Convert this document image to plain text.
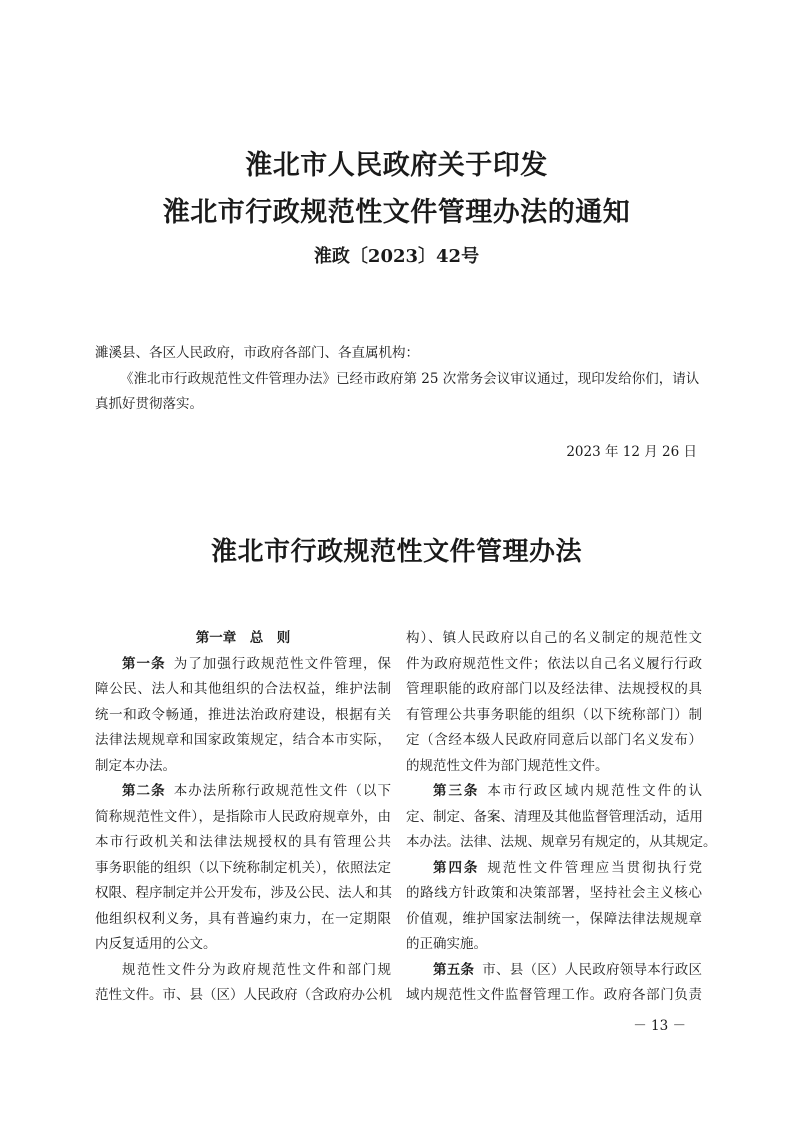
淮北市人民政府关于印发
淮北市行政规范性文件管理办法的通知
淮政〔2023〕42号
濉溪县、各区人民政府，市政府各部门、各直属机构：
《淮北市行政规范性文件管理办法》已经市政府第 25 次常务会议审议通过，现印发给你们，请认
真抓好贯彻落实。
2023 年 12 月 26 日
淮北市行政规范性文件管理办法
第一章　总　则
第一条 为了加强行政规范性文件管理，保
障公民、法人和其他组织的合法权益，维护法制
统一和政令畅通，推进法治政府建设，根据有关
法律法规规章和国家政策规定，结合本市实际，
制定本办法。
第二条 本办法所称行政规范性文件（以下
简称规范性文件），是指除市人民政府规章外，由
本市行政机关和法律法规授权的具有管理公共
事务职能的组织（以下统称制定机关），依照法定
权限、程序制定并公开发布，涉及公民、法人和其
他组织权利义务，具有普遍约束力，在一定期限
内反复适用的公文。
规范性文件分为政府规范性文件和部门规
范性文件。市、县（区）人民政府（含政府办公机
构）、镇人民政府以自己的名义制定的规范性文
件为政府规范性文件；依法以自己名义履行行政
管理职能的政府部门以及经法律、法规授权的具
有管理公共事务职能的组织（以下统称部门）制
定（含经本级人民政府同意后以部门名义发布）
的规范性文件为部门规范性文件。
第三条 本市行政区域内规范性文件的认
定、制定、备案、清理及其他监督管理活动，适用
本办法。法律、法规、规章另有规定的，从其规定。
第四条 规范性文件管理应当贯彻执行党
的路线方针政策和决策部署，坚持社会主义核心
价值观，维护国家法制统一，保障法律法规规章
的正确实施。
第五条 市、县（区）人民政府领导本行政区
域内规范性文件监督管理工作。政府各部门负责
－ 13 －
